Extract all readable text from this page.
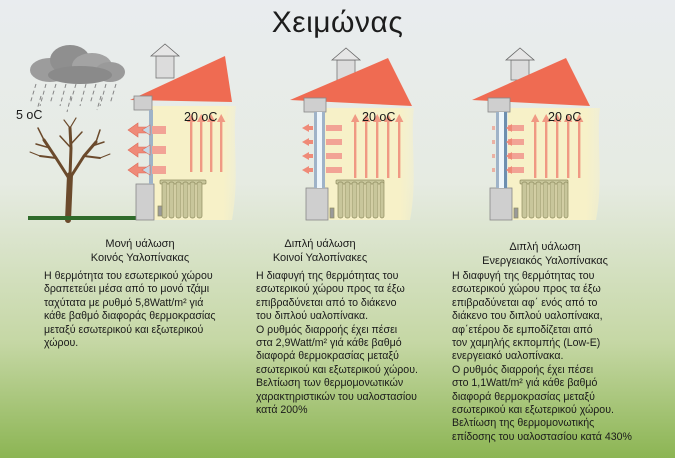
Χειμώνας
5 oC	20 oC	20 oC	20 oC
Μονή υάλωση
Κοινός Υαλοπίνακας

Η θερμότητα του εσωτερικού χώρου

δραπετεύει μέσα από το μονό τζάμι

ταχύτατα με ρυθμό 5,8Watt/m² γιά

κάθε βαθμό διαφοράς θερμοκρασίας

μεταξύ εσωτερικού και εξωτερικού

χώρου.

Διπλή υάλωση
Κοινοί Υαλοπίνακες

Η διαφυγή της θερμότητας του

εσωτερικού χώρου προς τα έξω

επιβραδύνεται από το διάκενο

του διπλού υαλοπίνακα.

Ο ρυθμός διαρροής έχει πέσει

στα 2,9Watt/m² γιά κάθε βαθμό

διαφορά θερμοκρασίας μεταξύ

εσωτερικού και εξωτερικού χώρου.

Βελτίωση των θερμομονωτικών

χαρακτηριστικών του υαλοστασίου

κατά 200%

Διπλή υάλωση
Ενεργειακός Υαλοπίνακας

Η διαφυγή της θερμότητας του

εσωτερικού χώρου προς τα έξω

επιβραδύνεται αφ΄ ενός από το

διάκενο του διπλού υαλοπίνακα,

αφ΄ετέρου δε εμποδίζεται από

τον χαμηλής εκπομπής (Low-E)

ενεργειακό υαλοπίνακα.

Ο ρυθμός διαρροής έχει πέσει

στο 1,1Watt/m² γιά κάθε βαθμό

διαφορά θερμοκρασίας μεταξύ

εσωτερικού και εξωτερικού χώρου.

Βελτίωση της θερμομονωτικής

επίδοσης του υαλοστασίου κατά 430%
